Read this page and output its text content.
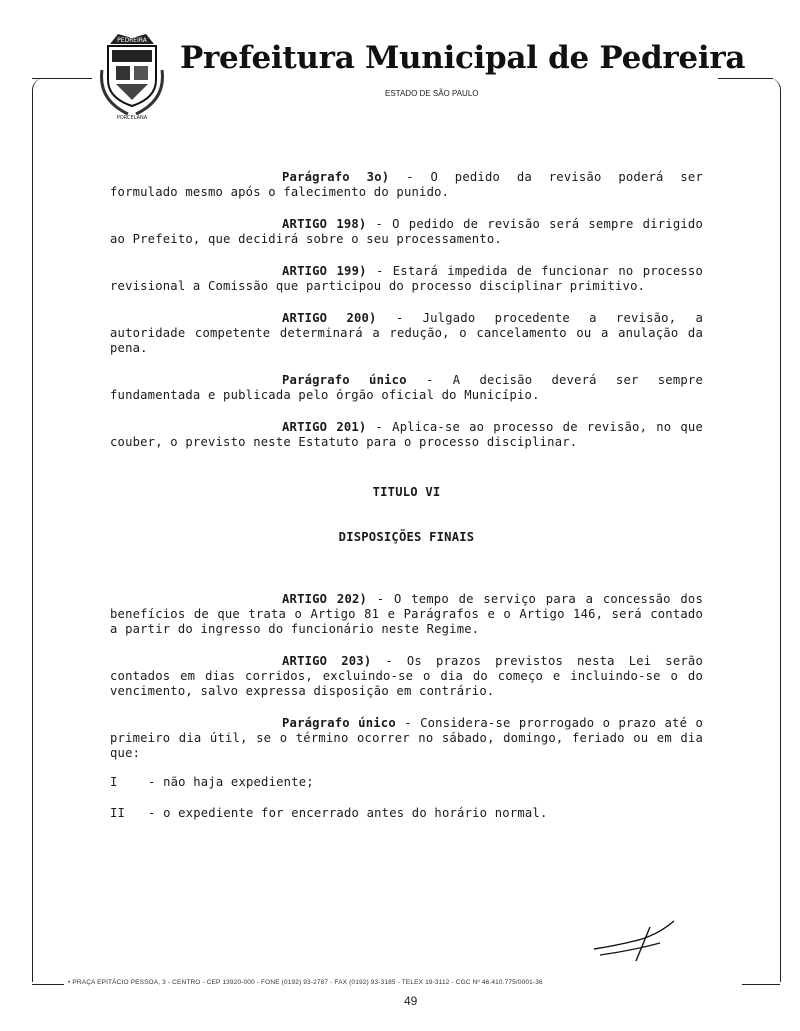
PEDREIRA
PORCELANA
Prefeitura Municipal de Pedreira
ESTADO DE SÃO PAULO

Parágrafo 3o) - O pedido da revisão poderá ser formulado mesmo após o falecimento do punido.

ARTIGO 198) - O pedido de revisão será sempre dirigido ao Prefeito, que decidirá sobre o seu processamento.

ARTIGO 199) - Estará impedida de funcionar no processo revisional a Comissão que participou do processo disciplinar primitivo.

ARTIGO 200) - Julgado procedente a revisão, a autoridade competente determinará a redução, o cancelamento ou a anulação da pena.

Parágrafo único - A decisão deverá ser sempre fundamentada e publicada pelo órgão oficial do Município.

ARTIGO 201) - Aplica-se ao processo de revisão, no que couber, o previsto neste Estatuto para o processo disciplinar.

TITULO VI

DISPOSIÇÕES FINAIS

ARTIGO 202) - O tempo de serviço para a concessão dos benefícios de que trata o Artigo 81 e Parágrafos e o Artigo 146, será contado a partir do ingresso do funcionário neste Regime.

ARTIGO 203) - Os prazos previstos nesta Lei serão contados em dias corridos, excluindo-se o dia do começo e incluindo-se o do vencimento, salvo expressa disposição em contrário.

Parágrafo único - Considera-se prorrogado o prazo até o primeiro dia útil, se o término ocorrer no sábado, domingo, feriado ou em dia que:

I - não haja expediente;

II - o expediente for encerrado antes do horário normal.

• PRAÇA EPITÁCIO PESSOA, 3 - CENTRO - CEP 13920-000 - FONE (0192) 93-2787 - FAX (0192) 93-3185 - TELEX 19-3112 - CGC Nº 46.410.775/0001-36
49
